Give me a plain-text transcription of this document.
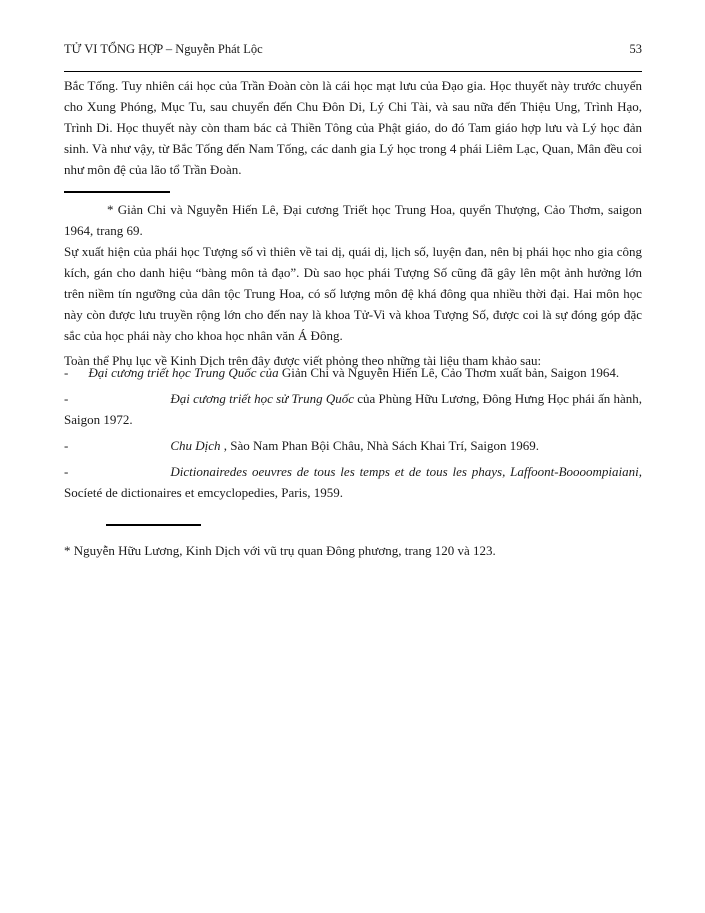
TỬ VI TỔNG HỢP – Nguyễn Phát Lộc	53

Bắc Tống. Tuy nhiên cái học của Trần Đoàn còn là cái học mạt lưu của Đạo gia. Học thuyết này trước chuyển cho Xung Phóng, Mục Tu, sau chuyển đến Chu Đôn Di, Lý Chi Tài, và sau nữa đến Thiệu Ung, Trình Hạo, Trình Di. Học thuyết này còn tham bác cả Thiền Tông của Phật giáo, do đó Tam giáo hợp lưu và Lý học đản sinh. Và như vậy, từ Bắc Tống đến Nam Tống, các danh gia Lý học trong 4 phái Liêm Lạc, Quan, Mân đều coi như môn đệ của lão tổ Trần Đoàn.

* Giản Chi và Nguyễn Hiến Lê, Đại cương Triết học Trung Hoa, quyển Thượng, Cảo Thơm, saigon 1964, trang 69.

Sự xuất hiện của phái học Tượng số vì thiên về tai dị, quái dị, lịch số, luyện đan, nên bị phái học nho gia công kích, gán cho danh hiệu “bàng môn tả đạo”. Dù sao học phái Tượng Số cũng đã gây lên một ảnh hưởng lớn trên niềm tín ngưỡng của dân tộc Trung Hoa, có số lượng môn đệ khá đông qua nhiều thời đại. Hai môn học này còn được lưu truyền rộng lớn cho đến nay là khoa Tử-Vi và khoa Tượng Số, được coi là sự đóng góp đặc sắc của học phái này cho khoa học nhân văn Á Đông.

Toàn thể Phụ lục về Kinh Dịch trên đây được viết phỏng theo những tài liệu tham khảo sau:

- Đại cương triết học Trung Quốc của Giản Chi và Nguyễn Hiến Lê, Cảo Thơm xuất bản, Saigon 1964.

-	Đại cương triết học sử Trung Quốc của Phùng Hữu Lương, Đông Hưng Học phái ấn hành, Saigon 1972.

-	Chu Dịch , Sào Nam Phan Bội Châu, Nhà Sách Khai Trí, Saigon 1969.

-	Dictionairedes oeuvres de tous les temps et de tous les phays, Laffoont-Boooompiaiani, Socíeté de dictionaires et emcyclopedies, Paris, 1959.

* Nguyễn Hữu Lương, Kinh Dịch với vũ trụ quan Đông phương, trang 120 và 123.
